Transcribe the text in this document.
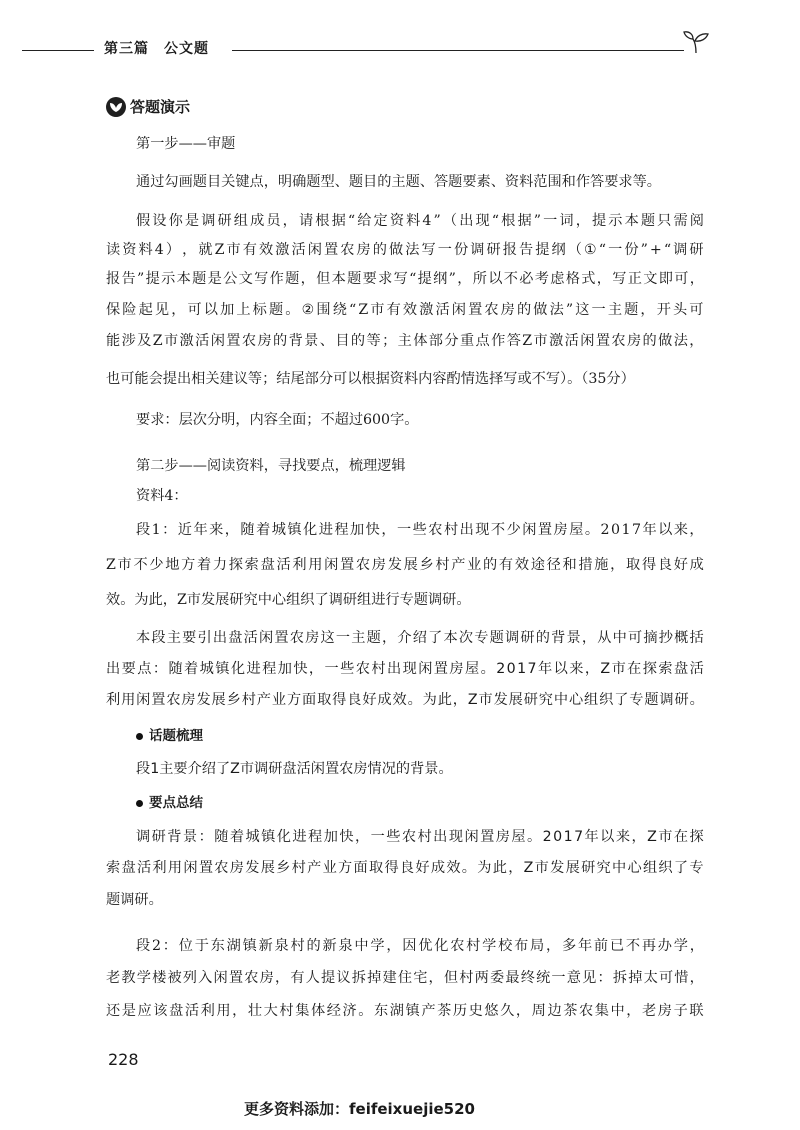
第三篇　公文题
答题演示
第一步——审题
通过勾画题目关键点，明确题型、题目的主题、答题要素、资料范围和作答要求等。
假 设 你 是 调 研 组 成 员 ， 请 根 据 “ 给 定 资 料 4 ” （ 出 现 “ 根 据 ” 一 词 ， 提 示 本 题 只 需 阅
读 资 料 4 ） ， 就 Z 市 有 效 激 活 闲 置 农 房 的 做 法 写 一 份 调 研 报 告 提 纲 （ ① “ 一 份 ” + “ 调 研
报 告 ” 提 示 本 题 是 公 文 写 作 题 ， 但 本 题 要 求 写 “ 提 纲 ” ， 所 以 不 必 考 虑 格 式 ， 写 正 文 即 可 ，
保 险 起 见 ， 可 以 加 上 标 题 。 ② 围 绕 “ Z 市 有 效 激 活 闲 置 农 房 的 做 法 ” 这 一 主 题 ， 开 头 可
能 涉 及 Z 市 激 活 闲 置 农 房 的 背 景 、 目 的 等 ； 主 体 部 分 重 点 作 答 Z 市 激 活 闲 置 农 房 的 做 法 ，
也可能会提出相关建议等；结尾部分可以根据资料内容酌情选择写或不写）。（35分）
要求：层次分明，内容全面；不超过600字。
第二步——阅读资料，寻找要点，梳理逻辑
资料4：
段 1 ： 近 年 来 ， 随 着 城 镇 化 进 程 加 快 ， 一 些 农 村 出 现 不 少 闲 置 房 屋 。 2 0 1 7 年 以 来 ，
Z 市 不 少 地 方 着 力 探 索 盘 活 利 用 闲 置 农 房 发 展 乡 村 产 业 的 有 效 途 径 和 措 施 ， 取 得 良 好 成
效。为此，Z市发展研究中心组织了调研组进行专题调研。
本 段 主 要 引 出 盘 活 闲 置 农 房 这 一 主 题 ， 介 绍 了 本 次 专 题 调 研 的 背 景 ， 从 中 可 摘 抄 概 括
出 要 点 ： 随 着 城 镇 化 进 程 加 快 ， 一 些 农 村 出 现 闲 置 房 屋 。 2 0 1 7 年 以 来 ， Z 市 在 探 索 盘 活
利 用 闲 置 农 房 发 展 乡 村 产 业 方 面 取 得 良 好 成 效 。 为 此 ， Z 市 发 展 研 究 中 心 组 织 了 专 题 调 研 。
话题梳理
段1主要介绍了Z市调研盘活闲置农房情况的背景。
要点总结
调 研 背 景 ： 随 着 城 镇 化 进 程 加 快 ， 一 些 农 村 出 现 闲 置 房 屋 。 2 0 1 7 年 以 来 ， Z 市 在 探
索 盘 活 利 用 闲 置 农 房 发 展 乡 村 产 业 方 面 取 得 良 好 成 效 。 为 此 ， Z 市 发 展 研 究 中 心 组 织 了 专
题调研。
段 2 ： 位 于 东 湖 镇 新 泉 村 的 新 泉 中 学 ， 因 优 化 农 村 学 校 布 局 ， 多 年 前 已 不 再 办 学 ，
老 教 学 楼 被 列 入 闲 置 农 房 ， 有 人 提 议 拆 掉 建 住 宅 ， 但 村 两 委 最 终 统 一 意 见 ： 拆 掉 太 可 惜 ，
还 是 应 该 盘 活 利 用 ， 壮 大 村 集 体 经 济 。 东 湖 镇 产 茶 历 史 悠 久 ， 周 边 茶 农 集 中 ， 老 房 子 联
228
更多资料添加：feifeixuejie520
